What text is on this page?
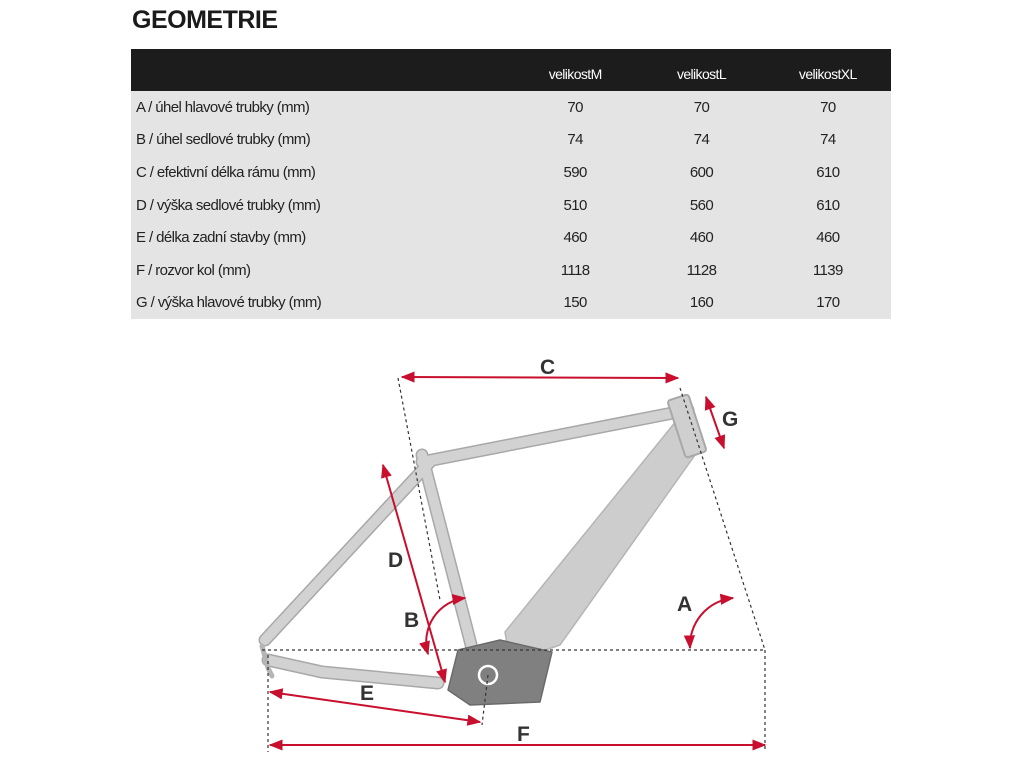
GEOMETRIE
	velikostM	velikostL	velikostXL
A / úhel hlavové trubky (mm)	70	70	70
B / úhel sedlové trubky (mm)	74	74	74
C / efektivní délka rámu (mm)	590	600	610
D / výška sedlové trubky (mm)	510	560	610
E / délka zadní stavby (mm)	460	460	460
F / rozvor kol (mm)	1118	1128	1139
G / výška hlavové trubky (mm)	150	160	170
C
G
D
B
A
E
F
